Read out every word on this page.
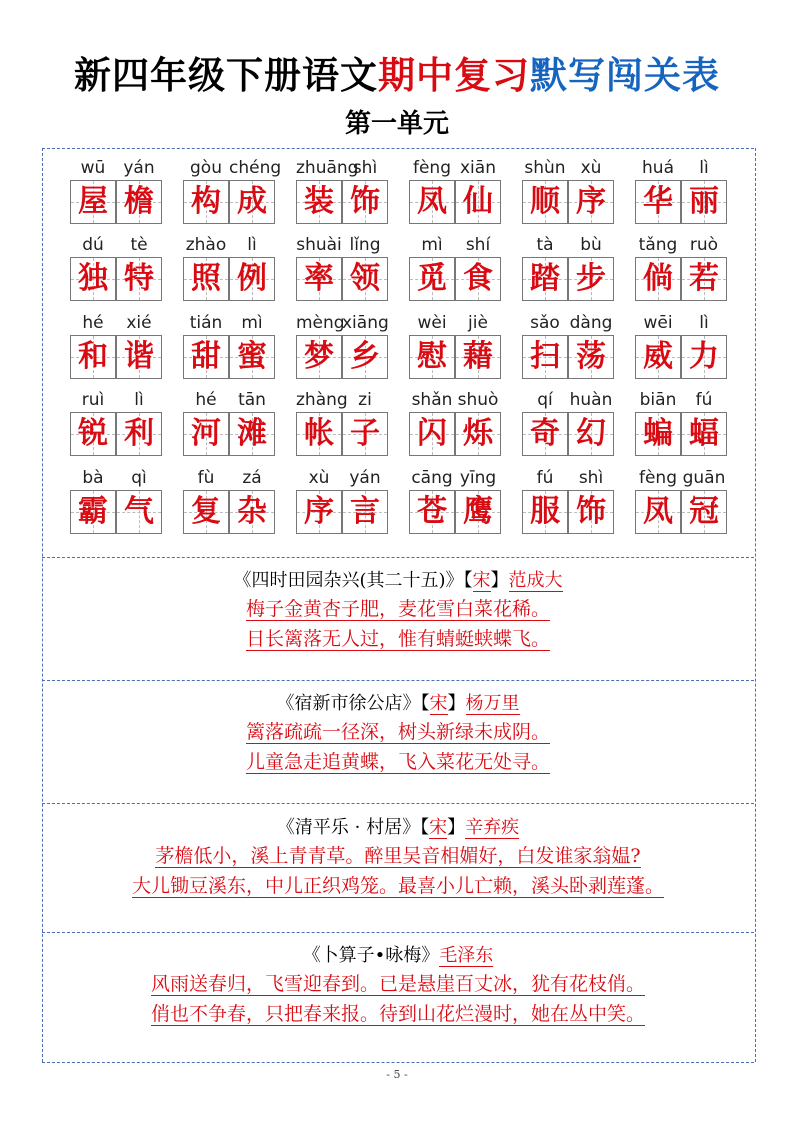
新四年级下册语文期中复习默写闯关表
第一单元
wū
屋
yán
檐
gòu
构
chéng
成
zhuāng
装
shì
饰
fèng
凤
xiān
仙
shùn
顺
xù
序
huá
华
lì
丽
dú
独
tè
特
zhào
照
lì
例
shuài
率
lǐng
领
mì
觅
shí
食
tà
踏
bù
步
tǎng
倘
ruò
若
hé
和
xié
谐
tián
甜
mì
蜜
mèng
梦
xiāng
乡
wèi
慰
jiè
藉
sǎo
扫
dàng
荡
wēi
威
lì
力
ruì
锐
lì
利
hé
河
tān
滩
zhàng
帐
zi
子
shǎn
闪
shuò
烁
qí
奇
huàn
幻
biān
蝙
fú
蝠
bà
霸
qì
气
fù
复
zá
杂
xù
序
yán
言
cāng
苍
yīng
鹰
fú
服
shì
饰
fèng
凤
guān
冠
《四时田园杂兴(其二十五)》【宋】范成大
梅子金黄杏子肥，麦花雪白菜花稀。
日长篱落无人过，惟有蜻蜓蛱蝶飞。
《宿新市徐公店》【宋】杨万里
篱落疏疏一径深，树头新绿未成阴。
儿童急走追黄蝶，飞入菜花无处寻。
《清平乐 · 村居》【宋】辛弃疾
茅檐低小，溪上青青草。醉里吴音相媚好，白发谁家翁媪?
大儿锄豆溪东，中儿正织鸡笼。最喜小儿亡赖，溪头卧剥莲蓬。
《卜算子•咏梅》毛泽东
风雨送春归，飞雪迎春到。已是悬崖百丈冰，犹有花枝俏。
俏也不争春，只把春来报。待到山花烂漫时，她在丛中笑。
- 5 -
